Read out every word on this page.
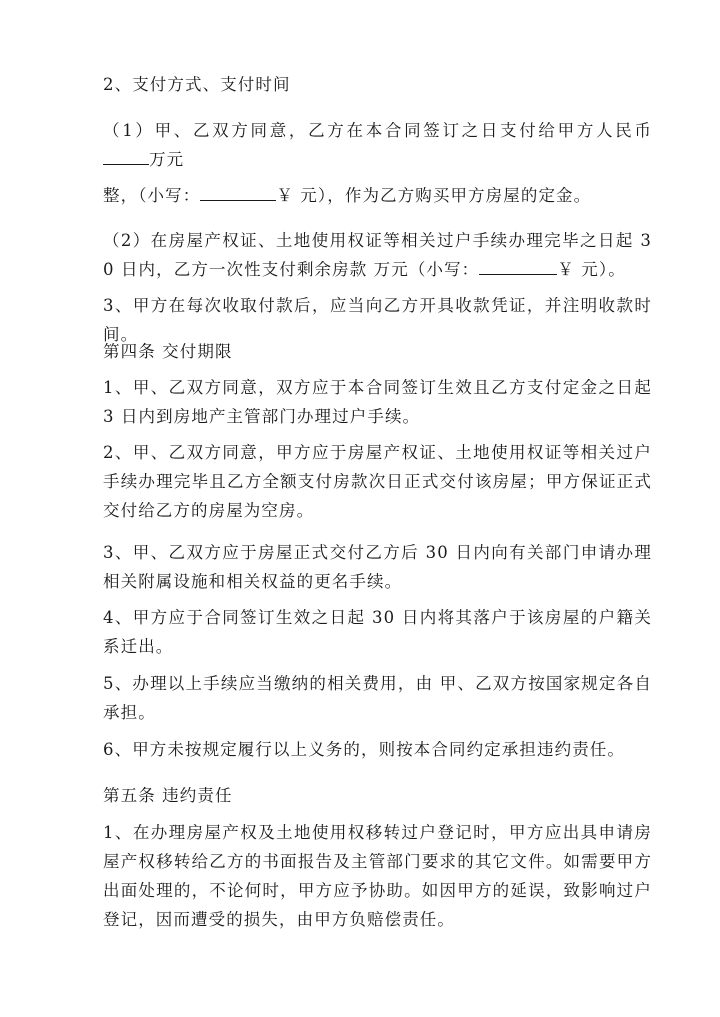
2、支付方式、支付时间

（1）甲、乙双方同意，乙方在本合同签订之日支付给甲方人民币万元

整，（小写：	￥ 元），作为乙方购买甲方房屋的定金。

（2）在房屋产权证、土地使用权证等相关过户手续办理完毕之日起 30 日内，乙方一次性支付剩余房款 万元（小写：	￥ 元）。

3、甲方在每次收取付款后，应当向乙方开具收款凭证，并注明收款时间。

第四条 交付期限

1、甲、乙双方同意，双方应于本合同签订生效且乙方支付定金之日起 3 日内到房地产主管部门办理过户手续。

2、甲、乙双方同意，甲方应于房屋产权证、土地使用权证等相关过户手续办理完毕且乙方全额支付房款次日正式交付该房屋；甲方保证正式交付给乙方的房屋为空房。

3、甲、乙双方应于房屋正式交付乙方后 30 日内向有关部门申请办理相关附属设施和相关权益的更名手续。

4、甲方应于合同签订生效之日起 30 日内将其落户于该房屋的户籍关系迁出。

5、办理以上手续应当缴纳的相关费用，由 甲、乙双方按国家规定各自承担。

6、甲方未按规定履行以上义务的，则按本合同约定承担违约责任。

第五条 违约责任

1、在办理房屋产权及土地使用权移转过户登记时，甲方应出具申请房屋产权移转给乙方的书面报告及主管部门要求的其它文件。如需要甲方出面处理的，不论何时，甲方应予协助。如因甲方的延误，致影响过户登记，因而遭受的损失，由甲方负赔偿责任。
